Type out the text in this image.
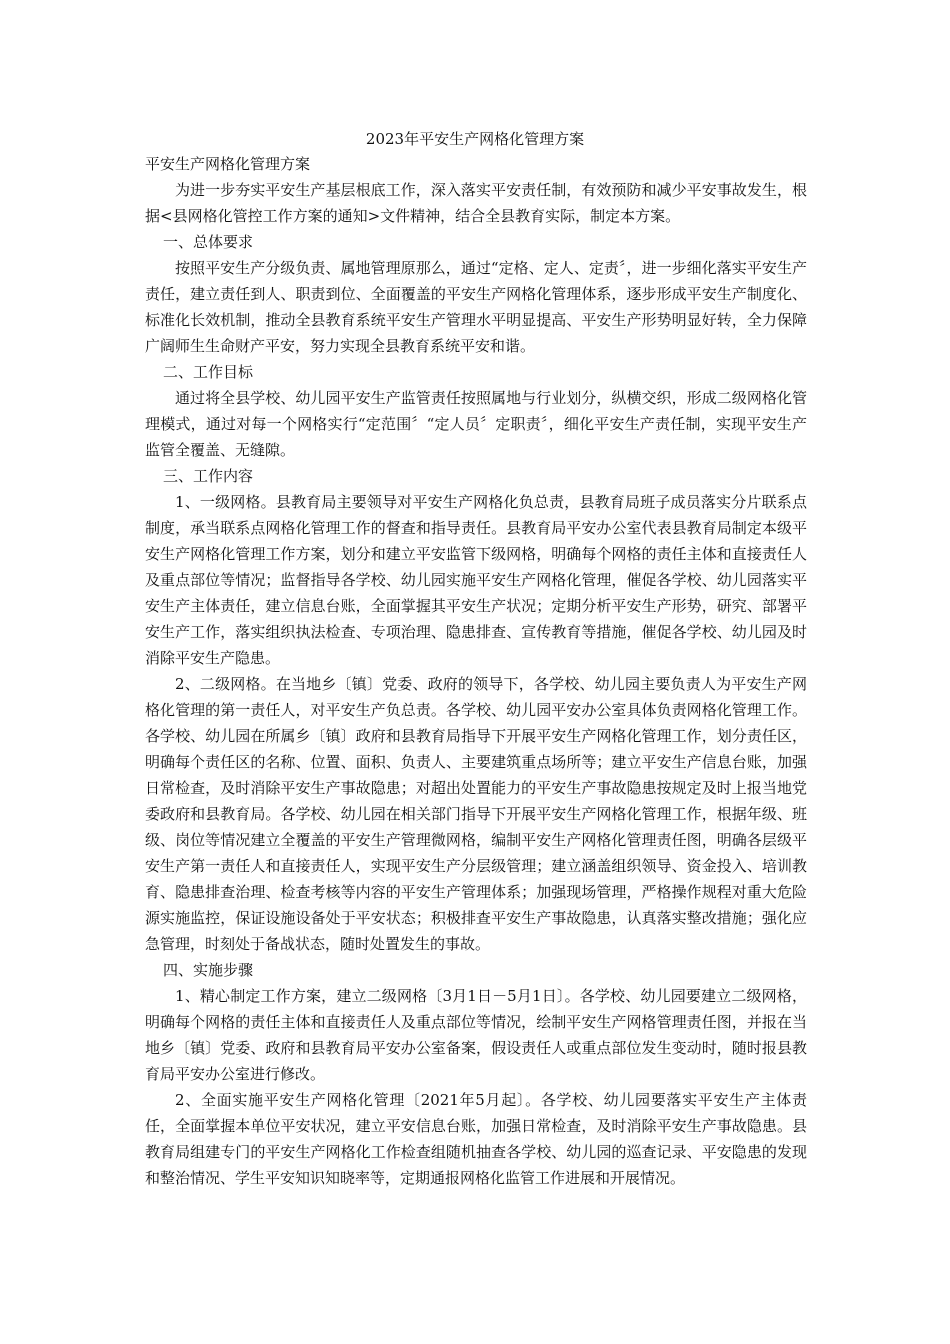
2023年平安生产网格化管理方案

平安生产网格化管理方案

为进一步夯实平安生产基层根底工作，深入落实平安责任制，有效预防和减少平安事故发生，根据<县网格化管控工作方案的通知>文件精神，结合全县教育实际，制定本方案。

一、总体要求

按照平安生产分级负责、属地管理原那么，通过“定格、定人、定责〞，进一步细化落实平安生产责任，建立责任到人、职责到位、全面覆盖的平安生产网格化管理体系，逐步形成平安生产制度化、标准化长效机制，推动全县教育系统平安生产管理水平明显提高、平安生产形势明显好转，全力保障广阔师生生命财产平安，努力实现全县教育系统平安和谐。

二、工作目标

通过将全县学校、幼儿园平安生产监管责任按照属地与行业划分，纵横交织，形成二级网格化管理模式，通过对每一个网格实行“定范围〞“定人员〞定职责〞，细化平安生产责任制，实现平安生产监管全覆盖、无缝隙。

三、工作内容

1、一级网格。县教育局主要领导对平安生产网格化负总责，县教育局班子成员落实分片联系点制度，承当联系点网格化管理工作的督查和指导责任。县教育局平安办公室代表县教育局制定本级平安生产网格化管理工作方案，划分和建立平安监管下级网格，明确每个网格的责任主体和直接责任人及重点部位等情况；监督指导各学校、幼儿园实施平安生产网格化管理，催促各学校、幼儿园落实平安生产主体责任，建立信息台账，全面掌握其平安生产状况；定期分析平安生产形势，研究、部署平安生产工作，落实组织执法检查、专项治理、隐患排查、宣传教育等措施，催促各学校、幼儿园及时消除平安生产隐患。

2、二级网格。在当地乡〔镇〕党委、政府的领导下，各学校、幼儿园主要负责人为平安生产网格化管理的第一责任人，对平安生产负总责。各学校、幼儿园平安办公室具体负责网格化管理工作。各学校、幼儿园在所属乡〔镇〕政府和县教育局指导下开展平安生产网格化管理工作，划分责任区，明确每个责任区的名称、位置、面积、负责人、主要建筑重点场所等；建立平安生产信息台账，加强日常检查，及时消除平安生产事故隐患；对超出处置能力的平安生产事故隐患按规定及时上报当地党委政府和县教育局。各学校、幼儿园在相关部门指导下开展平安生产网格化管理工作，根据年级、班级、岗位等情况建立全覆盖的平安生产管理微网格，编制平安生产网格化管理责任图，明确各层级平安生产第一责任人和直接责任人，实现平安生产分层级管理；建立涵盖组织领导、资金投入、培训教育、隐患排查治理、检查考核等内容的平安生产管理体系；加强现场管理，严格操作规程对重大危险源实施监控，保证设施设备处于平安状态；积极排查平安生产事故隐患，认真落实整改措施；强化应急管理，时刻处于备战状态，随时处置发生的事故。

四、实施步骤

1、精心制定工作方案，建立二级网格〔3月1日－5月1日〕。各学校、幼儿园要建立二级网格，明确每个网格的责任主体和直接责任人及重点部位等情况，绘制平安生产网格管理责任图，并报在当地乡〔镇〕党委、政府和县教育局平安办公室备案，假设责任人或重点部位发生变动时，随时报县教育局平安办公室进行修改。

2、全面实施平安生产网格化管理〔2021年5月起〕。各学校、幼儿园要落实平安生产主体责任，全面掌握本单位平安状况，建立平安信息台账，加强日常检查，及时消除平安生产事故隐患。县教育局组建专门的平安生产网格化工作检查组随机抽查各学校、幼儿园的巡查记录、平安隐患的发现和整治情况、学生平安知识知晓率等，定期通报网格化监管工作进展和开展情况。
